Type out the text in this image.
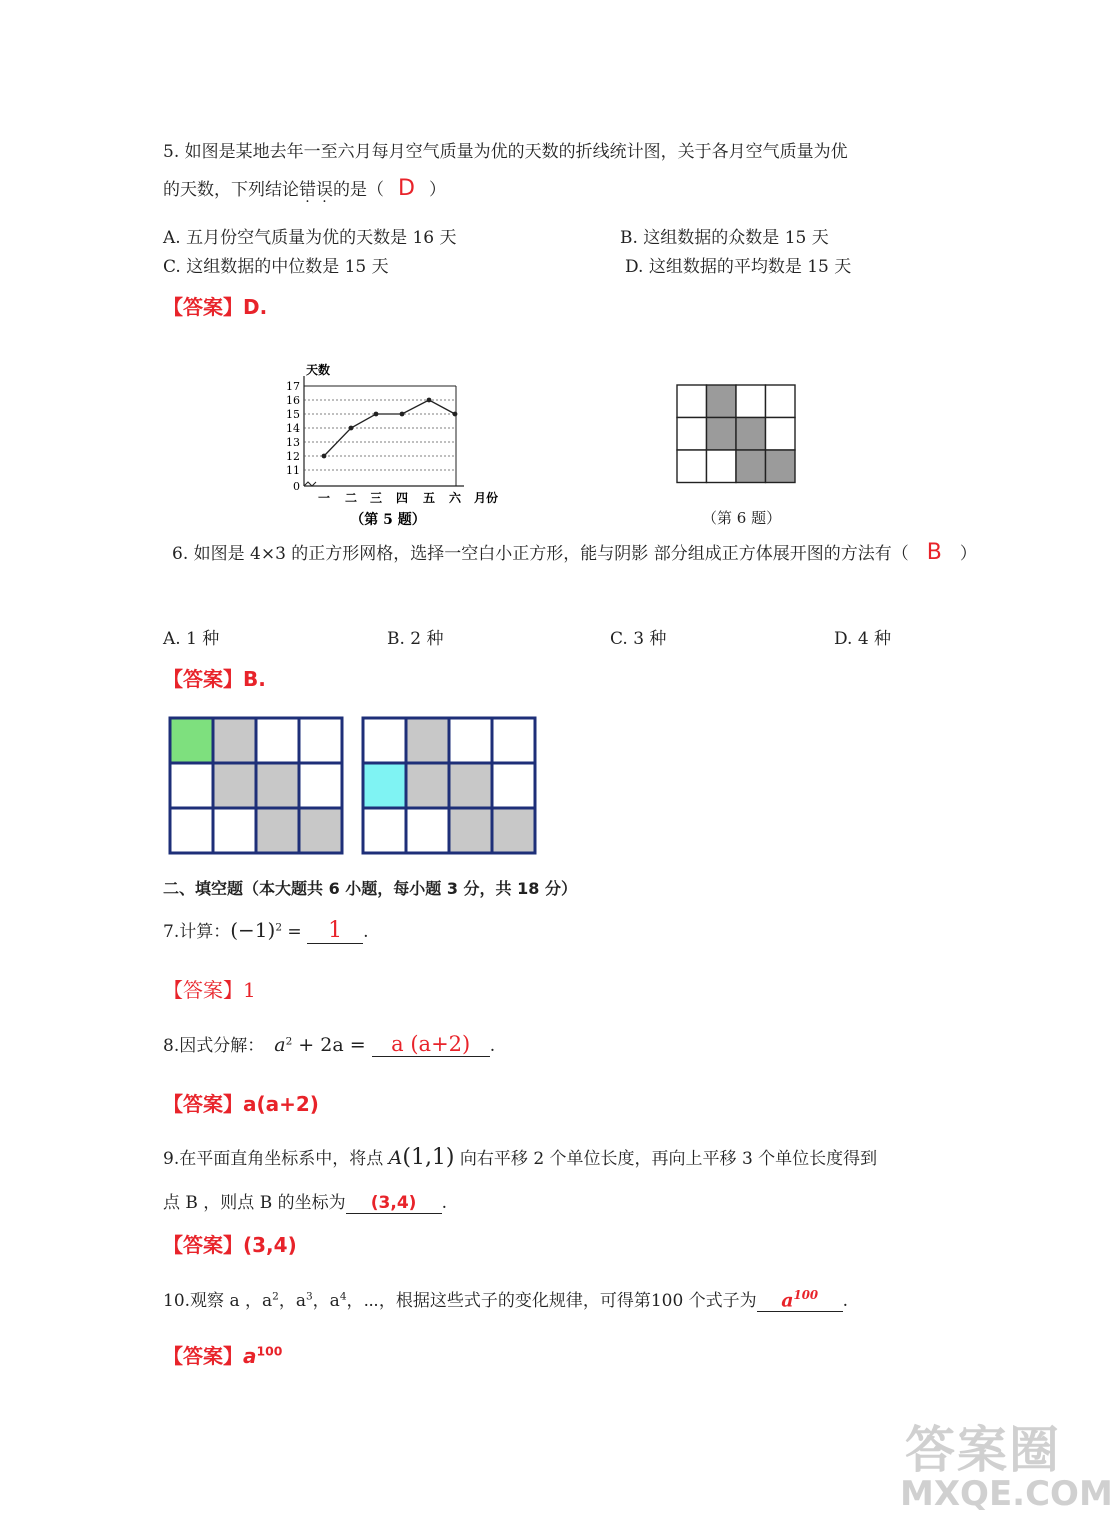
5. 如图是某地去年一至六月每月空气质量为优的天数的折线统计图，关于各月空气质量为优
的天数，下列结论错误的是（ D ）
A. 五月份空气质量为优的天数是 16 天	B. 这组数据的众数是 15 天
C. 这组数据的中位数是 15 天	D. 这组数据的平均数是 15 天
【答案】D.
17
16
15
14
13
12
11
0
天数
一 二 三 四 五 六 月份
（第 5 题）	（第 6 题）
6. 如图是 4×3 的正方形网格，选择一空白小正方形，能与阴影 部分组成正方体展开图的方法有（ B ）
A. 1 种	B. 2 种	C. 3 种	D. 4 种
【答案】B.
二、填空题（本大题共 6 小题，每小题 3 分，共 18 分）
7.计算：$(-1)^2 = 1$ .
【答案】1
8.因式分解： $a^2 + 2a = a$ (a+2) .
【答案】a(a+2)
9.在平面直角坐标系中，将点 A(1,1) 向右平移 2 个单位长度，再向上平移 3 个单位长度得到
点 B ，则点 B 的坐标为 (3,4) .
【答案】(3,4)
10.观察 a ，$a^2$，$a^3$，$a^4$，⋯，根据这些式子的变化规律，可得第100 个式子为 $a^{100}$ .
【答案】$a^{100}$
答案圈
MXQE.COM
